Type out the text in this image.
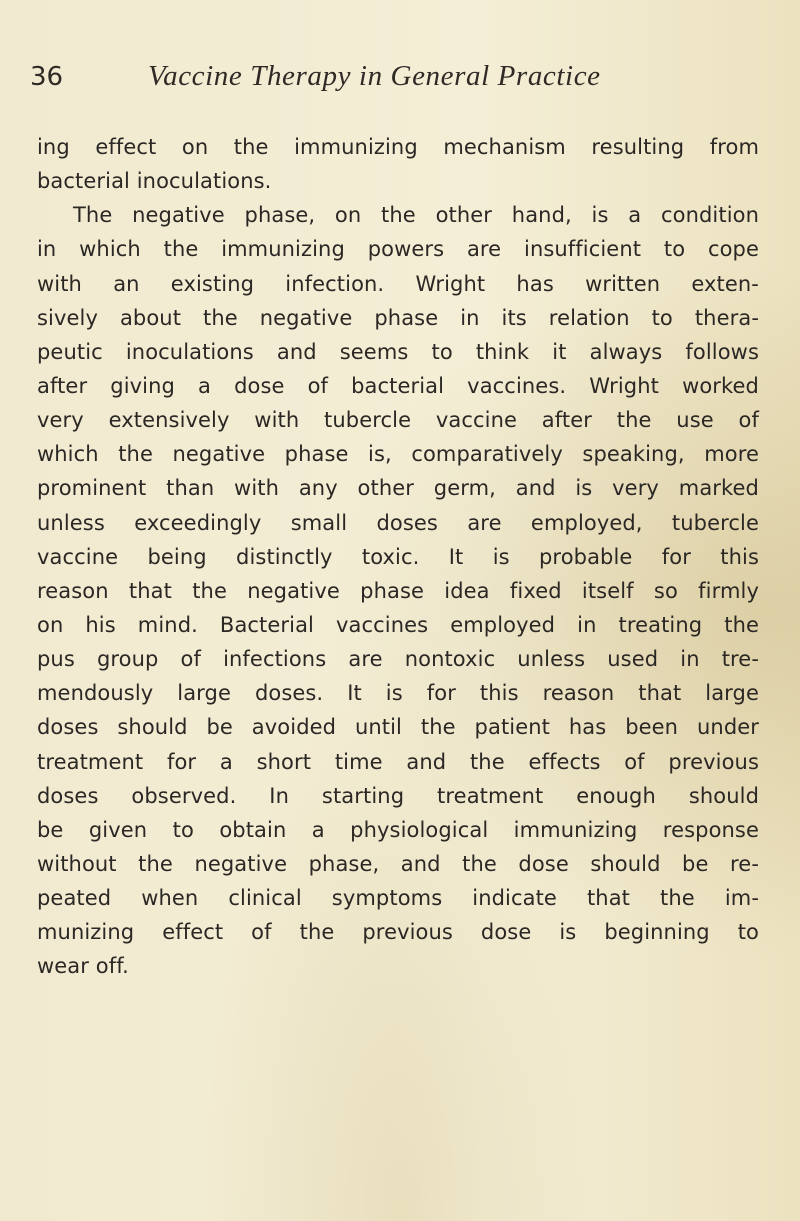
36	Vaccine Therapy in General Practice
ing effect on the immunizing mechanism resulting from
bacterial inoculations.
The negative phase, on the other hand, is a condition
in which the immunizing powers are insufficient to cope
with an existing infection. Wright has written exten-
sively about the negative phase in its relation to thera-
peutic inoculations and seems to think it always follows
after giving a dose of bacterial vaccines. Wright worked
very extensively with tubercle vaccine after the use of
which the negative phase is, comparatively speaking, more
prominent than with any other germ, and is very marked
unless exceedingly small doses are employed, tubercle
vaccine being distinctly toxic. It is probable for this
reason that the negative phase idea fixed itself so firmly
on his mind. Bacterial vaccines employed in treating the
pus group of infections are nontoxic unless used in tre-
mendously large doses. It is for this reason that large
doses should be avoided until the patient has been under
treatment for a short time and the effects of previous
doses observed. In starting treatment enough should
be given to obtain a physiological immunizing response
without the negative phase, and the dose should be re-
peated when clinical symptoms indicate that the im-
munizing effect of the previous dose is beginning to
wear off.
